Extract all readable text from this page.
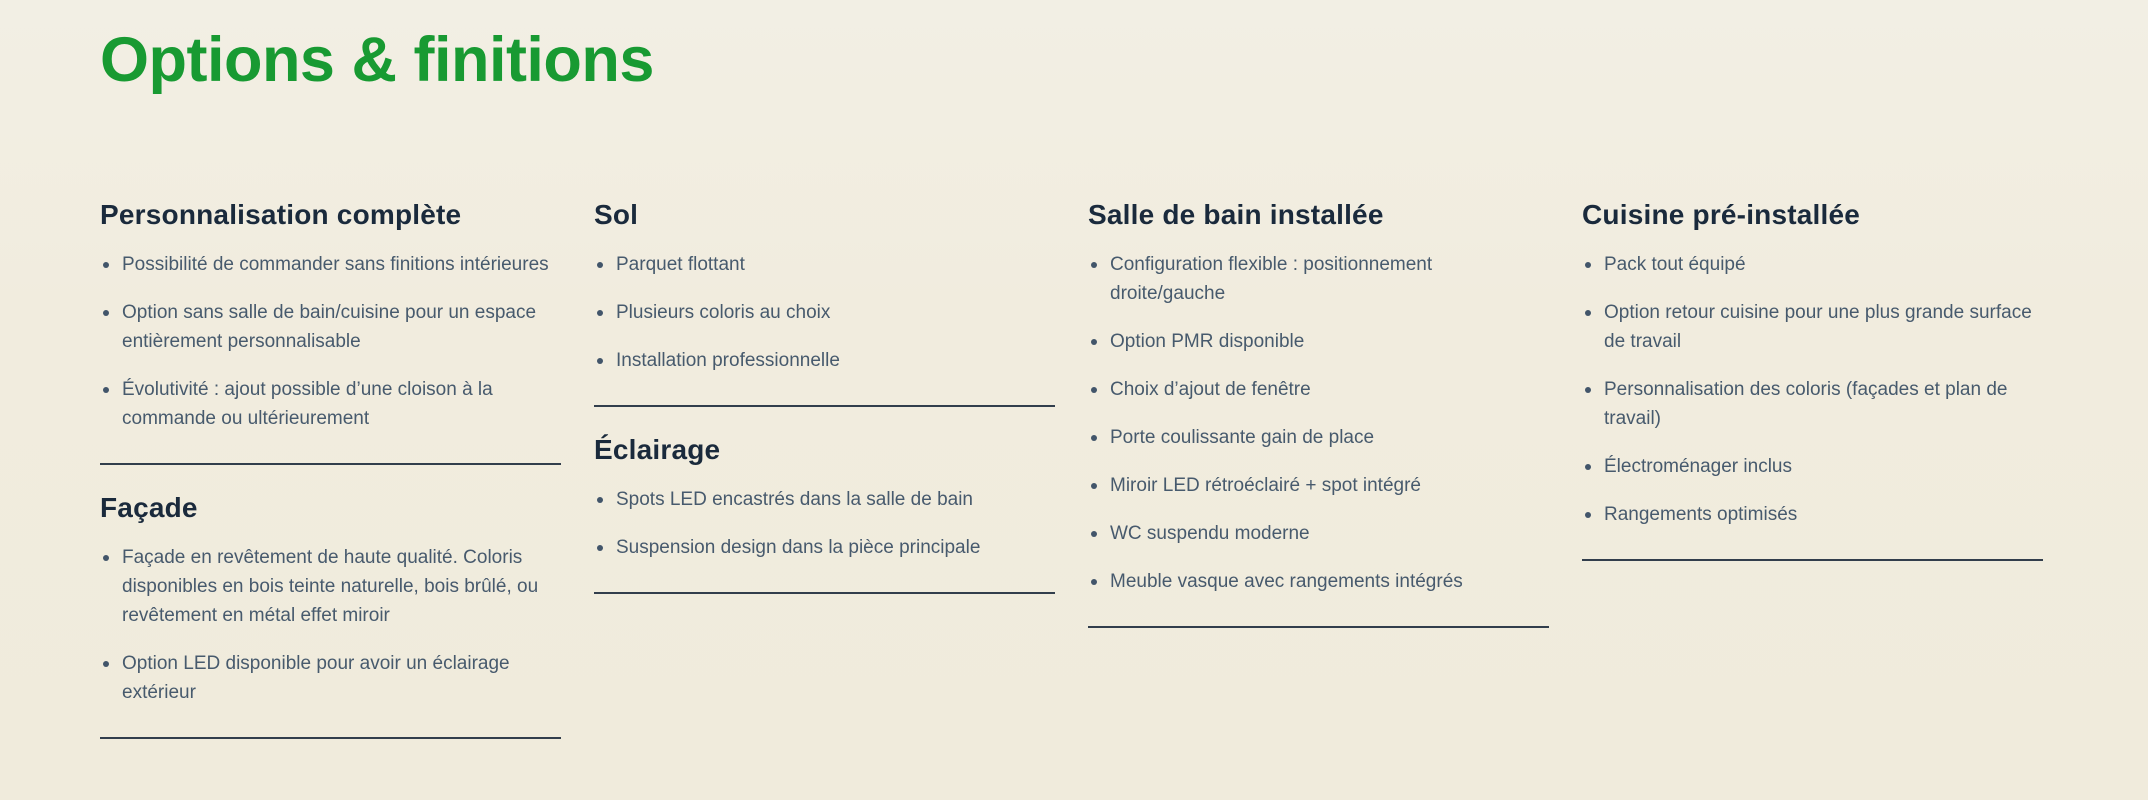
Options & finitions
Personnalisation complète
Possibilité de commander sans finitions intérieures
Option sans salle de bain/cuisine pour un espace entièrement personnalisable
Évolutivité : ajout possible d’une cloison à la commande ou ultérieurement
Façade
Façade en revêtement de haute qualité. Coloris disponibles en bois teinte naturelle, bois brûlé, ou revêtement en métal effet miroir
Option LED disponible pour avoir un éclairage extérieur
Sol
Parquet flottant
Plusieurs coloris au choix
Installation professionnelle
Éclairage
Spots LED encastrés dans la salle de bain
Suspension design dans la pièce principale
Salle de bain installée
Configuration flexible : positionnement droite/gauche
Option PMR disponible
Choix d’ajout de fenêtre
Porte coulissante gain de place
Miroir LED rétroéclairé + spot intégré
WC suspendu moderne
Meuble vasque avec rangements intégrés
Cuisine pré-installée
Pack tout équipé
Option retour cuisine pour une plus grande surface de travail
Personnalisation des coloris (façades et plan de travail)
Électroménager inclus
Rangements optimisés
